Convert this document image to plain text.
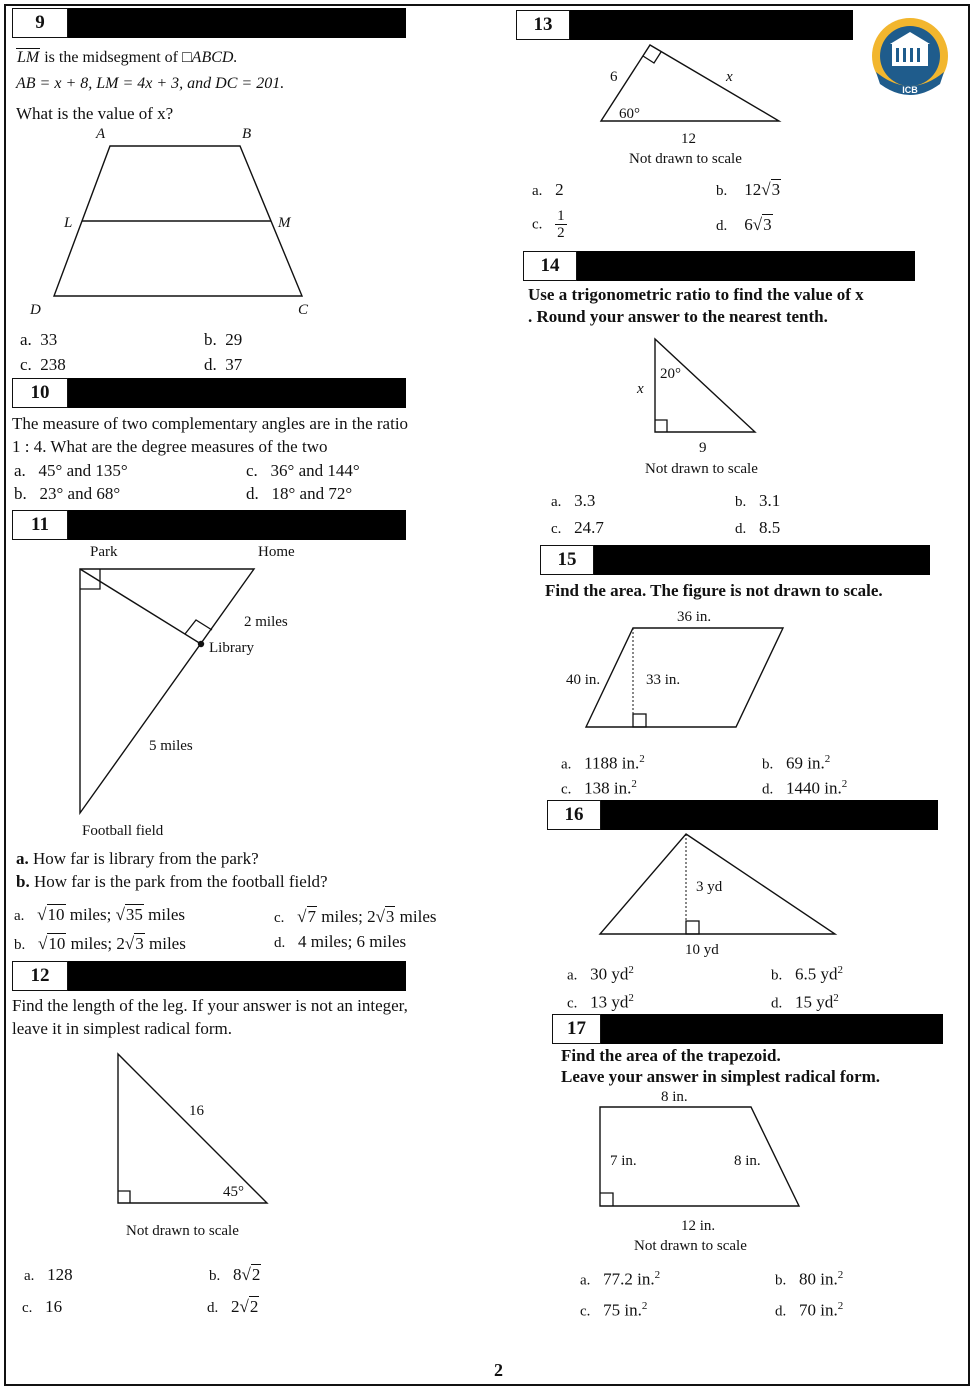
ICB
9
LM is the midsegment of □ABCD.
AB = x + 8, LM = 4x + 3, and DC = 201.
What is the value of x?
A	B
L	M
D	C
a. 33	b. 29
c. 238	d. 37
10
The measure of two complementary angles are in the ratio
1 : 4. What are the degree measures of the two
a. 45° and 135°	c. 36° and 144°
b. 23° and 68°	d. 18° and 72°
11
Park	Home
2 miles
Library
5 miles
Football field
a. How far is library from the park?
b. How far is the park from the football field?
a.   √10 miles; √35 miles	c.   √7 miles; 2√3 miles
b.   √10 miles; 2√3 miles	d. 4 miles; 6 miles
12
Find the length of the leg. If your answer is not an integer,
leave it in simplest radical form.
16
45°
Not drawn to scale
a. 128	b. 8√2
c. 16	d. 2√2
13
6	x
60°
12
Not drawn to scale
a. 2	b. 12√3
c. $\frac{1}{2}$	d. 6√3
14
Use a trigonometric ratio to find the value of x
. Round your answer to the nearest tenth.
20°
x
9
Not drawn to scale
a. 3.3	b. 3.1
c. 24.7	d. 8.5
15
Find the area. The figure is not drawn to scale.
36 in.
40 in.	33 in.
a. 1188 in.$^2$	b. 69 in.$^2$
c. 138 in.$^2$	d. 1440 in.$^2$
16
3 yd
10 yd
a. 30 $yd^2$	b. 6.5 $yd^2$
c. 13 $yd^2$	d. 15 $yd^2$
17
Find the area of the trapezoid.
Leave your answer in simplest radical form.
8 in.
7 in.	8 in.
12 in.
Not drawn to scale
a. 77.2 in.$^2$	b. 80 in.$^2$
c. 75 in.$^2$	d. 70 in.$^2$
2
